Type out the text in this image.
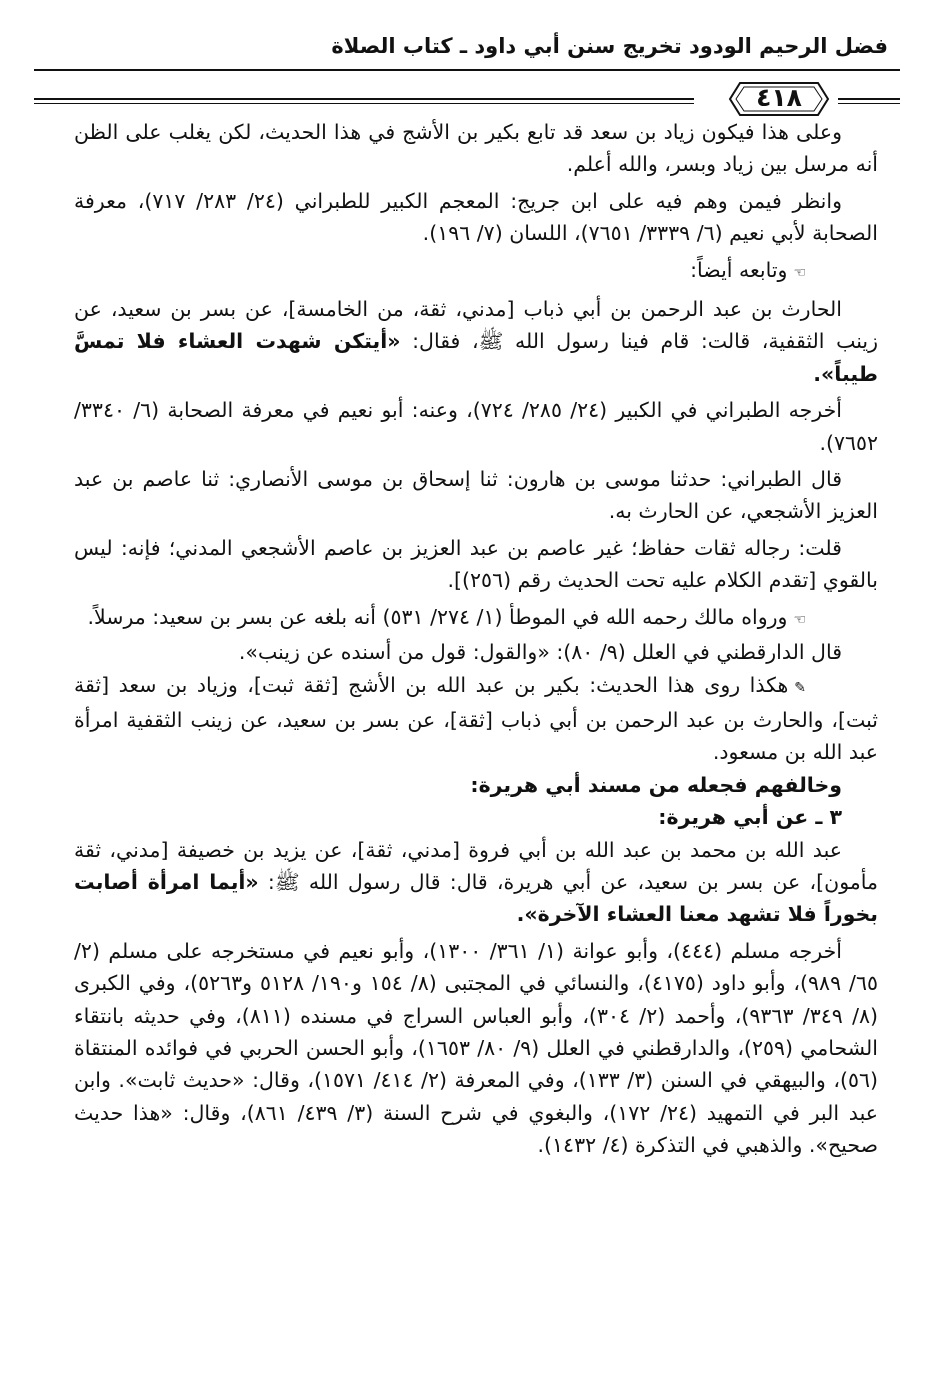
فضل الرحيم الودود تخريج سنن أبي داود ـ كتاب الصلاة
٤١٨

وعلى هذا فيكون زياد بن سعد قد تابع بكير بن الأشج في هذا الحديث، لكن يغلب على الظن أنه مرسل بين زياد وبسر، والله أعلم.

وانظر فيمن وهم فيه على ابن جريج: المعجم الكبير للطبراني (٢٤/ ٢٨٣/ ٧١٧)، معرفة الصحابة لأبي نعيم (٦/ ٣٣٣٩/ ٧٦٥١)، اللسان (٧/ ١٩٦).

☜وتابعه أيضاً:

الحارث بن عبد الرحمن بن أبي ذباب [مدني، ثقة، من الخامسة]، عن بسر بن سعيد، عن زينب الثقفية، قالت: قام فينا رسول الله ﷺ، فقال: «أيتكن شهدت العشاء فلا تمسَّ طيباً».

أخرجه الطبراني في الكبير (٢٤/ ٢٨٥/ ٧٢٤)، وعنه: أبو نعيم في معرفة الصحابة (٦/ ٣٣٤٠/ ٧٦٥٢).

قال الطبراني: حدثنا موسى بن هارون: ثنا إسحاق بن موسى الأنصاري: ثنا عاصم بن عبد العزيز الأشجعي، عن الحارث به.

قلت: رجاله ثقات حفاظ؛ غير عاصم بن عبد العزيز بن عاصم الأشجعي المدني؛ فإنه: ليس بالقوي [تقدم الكلام عليه تحت الحديث رقم (٢٥٦)].

☜ورواه مالك رحمه الله في الموطأ (١/ ٢٧٤/ ٥٣١) أنه بلغه عن بسر بن سعيد: مرسلاً.

قال الدارقطني في العلل (٩/ ٨٠): «والقول: قول من أسنده عن زينب».

✎هكذا روى هذا الحديث: بكير بن عبد الله بن الأشج [ثقة ثبت]، وزياد بن سعد [ثقة ثبت]، والحارث بن عبد الرحمن بن أبي ذباب [ثقة]، عن بسر بن سعيد، عن زينب الثقفية امرأة عبد الله بن مسعود.

وخالفهم فجعله من مسند أبي هريرة:

٣ ـ عن أبي هريرة:

عبد الله بن محمد بن عبد الله بن أبي فروة [مدني، ثقة]، عن يزيد بن خصيفة [مدني، ثقة مأمون]، عن بسر بن سعيد، عن أبي هريرة، قال: قال رسول الله ﷺ: «أيما امرأة أصابت بخوراً فلا تشهد معنا العشاء الآخرة».

أخرجه مسلم (٤٤٤)، وأبو عوانة (١/ ٣٦١/ ١٣٠٠)، وأبو نعيم في مستخرجه على مسلم (٢/ ٦٥/ ٩٨٩)، وأبو داود (٤١٧٥)، والنسائي في المجتبى (٨/ ١٥٤ و١٩٠/ ٥١٢٨ و٥٢٦٣)، وفي الكبرى (٨/ ٣٤٩/ ٩٣٦٣)، وأحمد (٢/ ٣٠٤)، وأبو العباس السراج في مسنده (٨١١)، وفي حديثه بانتقاء الشحامي (٢٥٩)، والدارقطني في العلل (٩/ ٨٠/ ١٦٥٣)، وأبو الحسن الحربي في فوائده المنتقاة (٥٦)، والبيهقي في السنن (٣/ ١٣٣)، وفي المعرفة (٢/ ٤١٤/ ١٥٧١)، وقال: «حديث ثابت». وابن عبد البر في التمهيد (٢٤/ ١٧٢)، والبغوي في شرح السنة (٣/ ٤٣٩/ ٨٦١)، وقال: «هذا حديث صحيح». والذهبي في التذكرة (٤/ ١٤٣٢).
